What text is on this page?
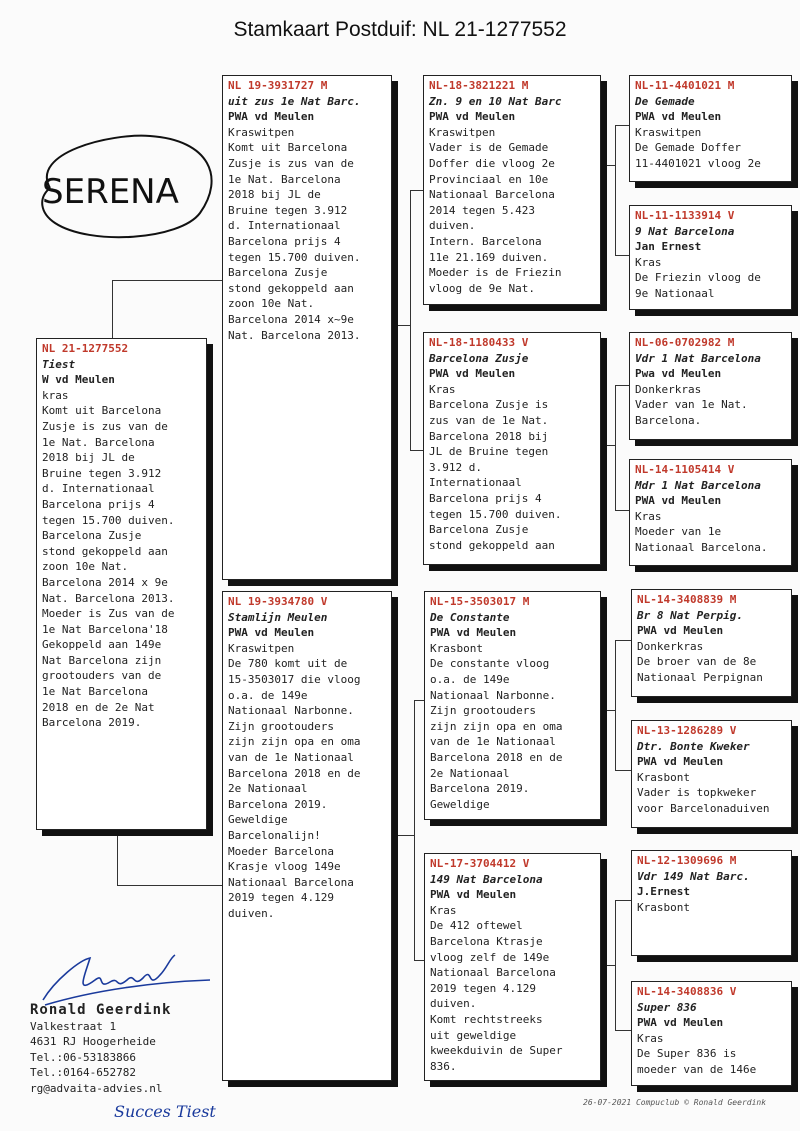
Stamkaart Postduif: NL 21-1277552
SERENA
NL 21-1277552
Tiest
W vd Meulen
kras
Komt uit Barcelona
Zusje is zus van de
1e Nat. Barcelona
2018 bij JL de
Bruine tegen 3.912
d. Internationaal
Barcelona prijs 4
tegen 15.700 duiven.
Barcelona Zusje
stond gekoppeld aan
zoon 10e Nat.
Barcelona 2014 x 9e
Nat. Barcelona 2013.
Moeder is Zus van de
1e Nat Barcelona'18
Gekoppeld aan 149e
Nat Barcelona zijn
grootouders van de
1e Nat Barcelona
2018 en de 2e Nat
Barcelona 2019.
NL 19-3931727 M
uit zus 1e Nat Barc.
PWA vd Meulen
Kraswitpen
Komt uit Barcelona
Zusje is zus van de
1e Nat. Barcelona
2018 bij JL de
Bruine tegen 3.912
d. Internationaal
Barcelona prijs 4
tegen 15.700 duiven.
Barcelona Zusje
stond gekoppeld aan
zoon 10e Nat.
Barcelona 2014 x~9e
Nat. Barcelona 2013.
NL 19-3934780 V
Stamlijn Meulen
PWA vd Meulen
Kraswitpen
De 780 komt uit de
15-3503017 die vloog
o.a. de 149e
Nationaal Narbonne.
Zijn grootouders
zijn zijn opa en oma
van de 1e Nationaal
Barcelona 2018 en de
2e Nationaal
Barcelona 2019.
Geweldige
Barcelonalijn!
Moeder Barcelona
Krasje vloog 149e
Nationaal Barcelona
2019 tegen 4.129
duiven.
NL-18-3821221 M
Zn. 9 en 10 Nat Barc
PWA vd Meulen
Kraswitpen
Vader is de Gemade
Doffer die vloog 2e
Provinciaal en 10e
Nationaal Barcelona
2014 tegen 5.423
duiven.
Intern. Barcelona
11e 21.169 duiven.
Moeder is de Friezin
vloog de 9e Nat.
NL-18-1180433 V
Barcelona Zusje
PWA vd Meulen
Kras
Barcelona Zusje is
zus van de 1e Nat.
Barcelona 2018 bij
JL de Bruine tegen
3.912 d.
Internationaal
Barcelona prijs 4
tegen 15.700 duiven.
Barcelona Zusje
stond gekoppeld aan
NL-15-3503017 M
De Constante
PWA vd Meulen
Krasbont
De constante vloog
o.a. de 149e
Nationaal Narbonne.
Zijn grootouders
zijn zijn opa en oma
van de 1e Nationaal
Barcelona 2018 en de
2e Nationaal
Barcelona 2019.
Geweldige
NL-17-3704412 V
149 Nat Barcelona
PWA vd Meulen
Kras
De 412 oftewel
Barcelona Ktrasje
vloog zelf de 149e
Nationaal Barcelona
2019 tegen 4.129
duiven.
Komt rechtstreeks
uit geweldige
kweekduivin de Super
836.
NL-11-4401021 M
De Gemade
PWA vd Meulen
Kraswitpen
De Gemade Doffer
11-4401021 vloog 2e
NL-11-1133914 V
9 Nat Barcelona
Jan Ernest
Kras
De Friezin vloog de
9e Nationaal
NL-06-0702982 M
Vdr 1 Nat Barcelona
Pwa vd Meulen
Donkerkras
Vader van 1e Nat.
Barcelona.
NL-14-1105414 V
Mdr 1 Nat Barcelona
PWA vd Meulen
Kras
Moeder van 1e
Nationaal Barcelona.
NL-14-3408839 M
Br 8 Nat Perpig.
PWA vd Meulen
Donkerkras
De broer van de 8e
Nationaal Perpignan
NL-13-1286289 V
Dtr. Bonte Kweker
PWA vd Meulen
Krasbont
Vader is topkweker
voor Barcelonaduiven
NL-12-1309696 M
Vdr 149 Nat Barc.
J.Ernest
Krasbont
NL-14-3408836 V
Super 836
PWA vd Meulen
Kras
De Super 836 is
moeder van de 146e
Ronald Geerdink
Valkestraat 1
4631 RJ Hoogerheide
Tel.:06-53183866
Tel.:0164-652782
rg@advaita-advies.nl
Succes Tiest	26-07-2021 Compuclub © Ronald Geerdink
